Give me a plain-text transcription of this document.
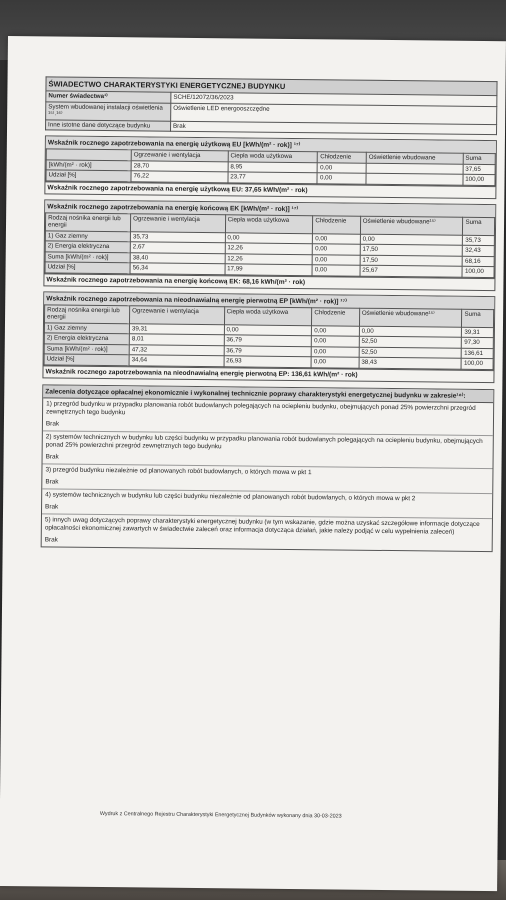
ŚWIADECTWO CHARAKTERYSTYKI ENERGETYCZNEJ BUDYNKU
Numer świadectwa¹⁾	SCHE/12072/36/2023
System wbudowanej instalacji oświetlenia ¹⁵⁾˒¹⁶⁾	Oświetlenie LED energooszczędne
Inne istotne dane dotyczące budynku	Brak
Wskaźnik rocznego zapotrzebowania na energię użytkową EU [kWh/(m² · rok)] ¹⁷⁾
	Ogrzewanie i wentylacja	Ciepła woda użytkowa	Chłodzenie	Oświetlenie wbudowane	Suma
[kWh/(m² · rok)]	28,70	8,95	0,00		37,65
Udział [%]	76,22	23,77	0,00		100,00
Wskaźnik rocznego zapotrzebowania na energię użytkową EU: 37,65 kWh/(m² · rok)
Wskaźnik rocznego zapotrzebowania na energię końcową EK [kWh/(m² · rok)] ¹⁷⁾
Rodzaj nośnika energii lub energii	Ogrzewanie i wentylacja	Ciepła woda użytkowa	Chłodzenie	Oświetlenie wbudowane¹⁵⁾	Suma
1) Gaz ziemny	35,73	0,00	0,00	0,00	35,73
2) Energia elektryczna	2,67	12,26	0,00	17,50	32,43
Suma [kWh/(m² · rok)]	38,40	12,26	0,00	17,50	68,16
Udział [%]	56,34	17,99	0,00	25,67	100,00
Wskaźnik rocznego zapotrzebowania na energię końcową EK: 68,16 kWh/(m² · rok)
Wskaźnik rocznego zapotrzebowania na nieodnawialną energię pierwotną EP [kWh/(m² · rok)] ¹⁷⁾
Rodzaj nośnika energii lub energii	Ogrzewanie i wentylacja	Ciepła woda użytkowa	Chłodzenie	Oświetlenie wbudowane¹⁵⁾	Suma
1) Gaz ziemny	39,31	0,00	0,00	0,00	39,31
2) Energia elektryczna	8,01	36,79	0,00	52,50	97,30
Suma [kWh/(m² · rok)]	47,32	36,79	0,00	52,50	136,61
Udział [%]	34,64	26,93	0,00	38,43	100,00
Wskaźnik rocznego zapotrzebowania na nieodnawialną energię pierwotną EP: 136,61 kWh/(m² · rok)
Zalecenia dotyczące opłacalnej ekonomicznie i wykonalnej technicznie poprawy charakterystyki energetycznej budynku w zakresie¹⁸⁾:
1) przegród budynku w przypadku planowania robót budowlanych polegających na ociepleniu budynku, obejmujących ponad 25% powierzchni przegród zewnętrznych tego budynku
Brak
2) systemów technicznych w budynku lub części budynku w przypadku planowania robót budowlanych polegających na ociepleniu budynku, obejmujących ponad 25% powierzchni przegród zewnętrznych tego budynku
Brak
3) przegród budynku niezależnie od planowanych robót budowlanych, o których mowa w pkt 1
Brak
4) systemów technicznych w budynku lub części budynku niezależnie od planowanych robót budowlanych, o których mowa w pkt 2
Brak
5) innych uwag dotyczących poprawy charakterystyki energetycznej budynku (w tym wskazanie, gdzie można uzyskać szczegółowe informacje dotyczące opłacalności ekonomicznej zawartych w świadectwie zaleceń oraz informacja dotycząca działań, jakie należy podjąć w celu wypełnienia zaleceń)
Brak
Wydruk z Centralnego Rejestru Charakterystyki Energetycznej Budynków wykonany dnia 30-03-2023
